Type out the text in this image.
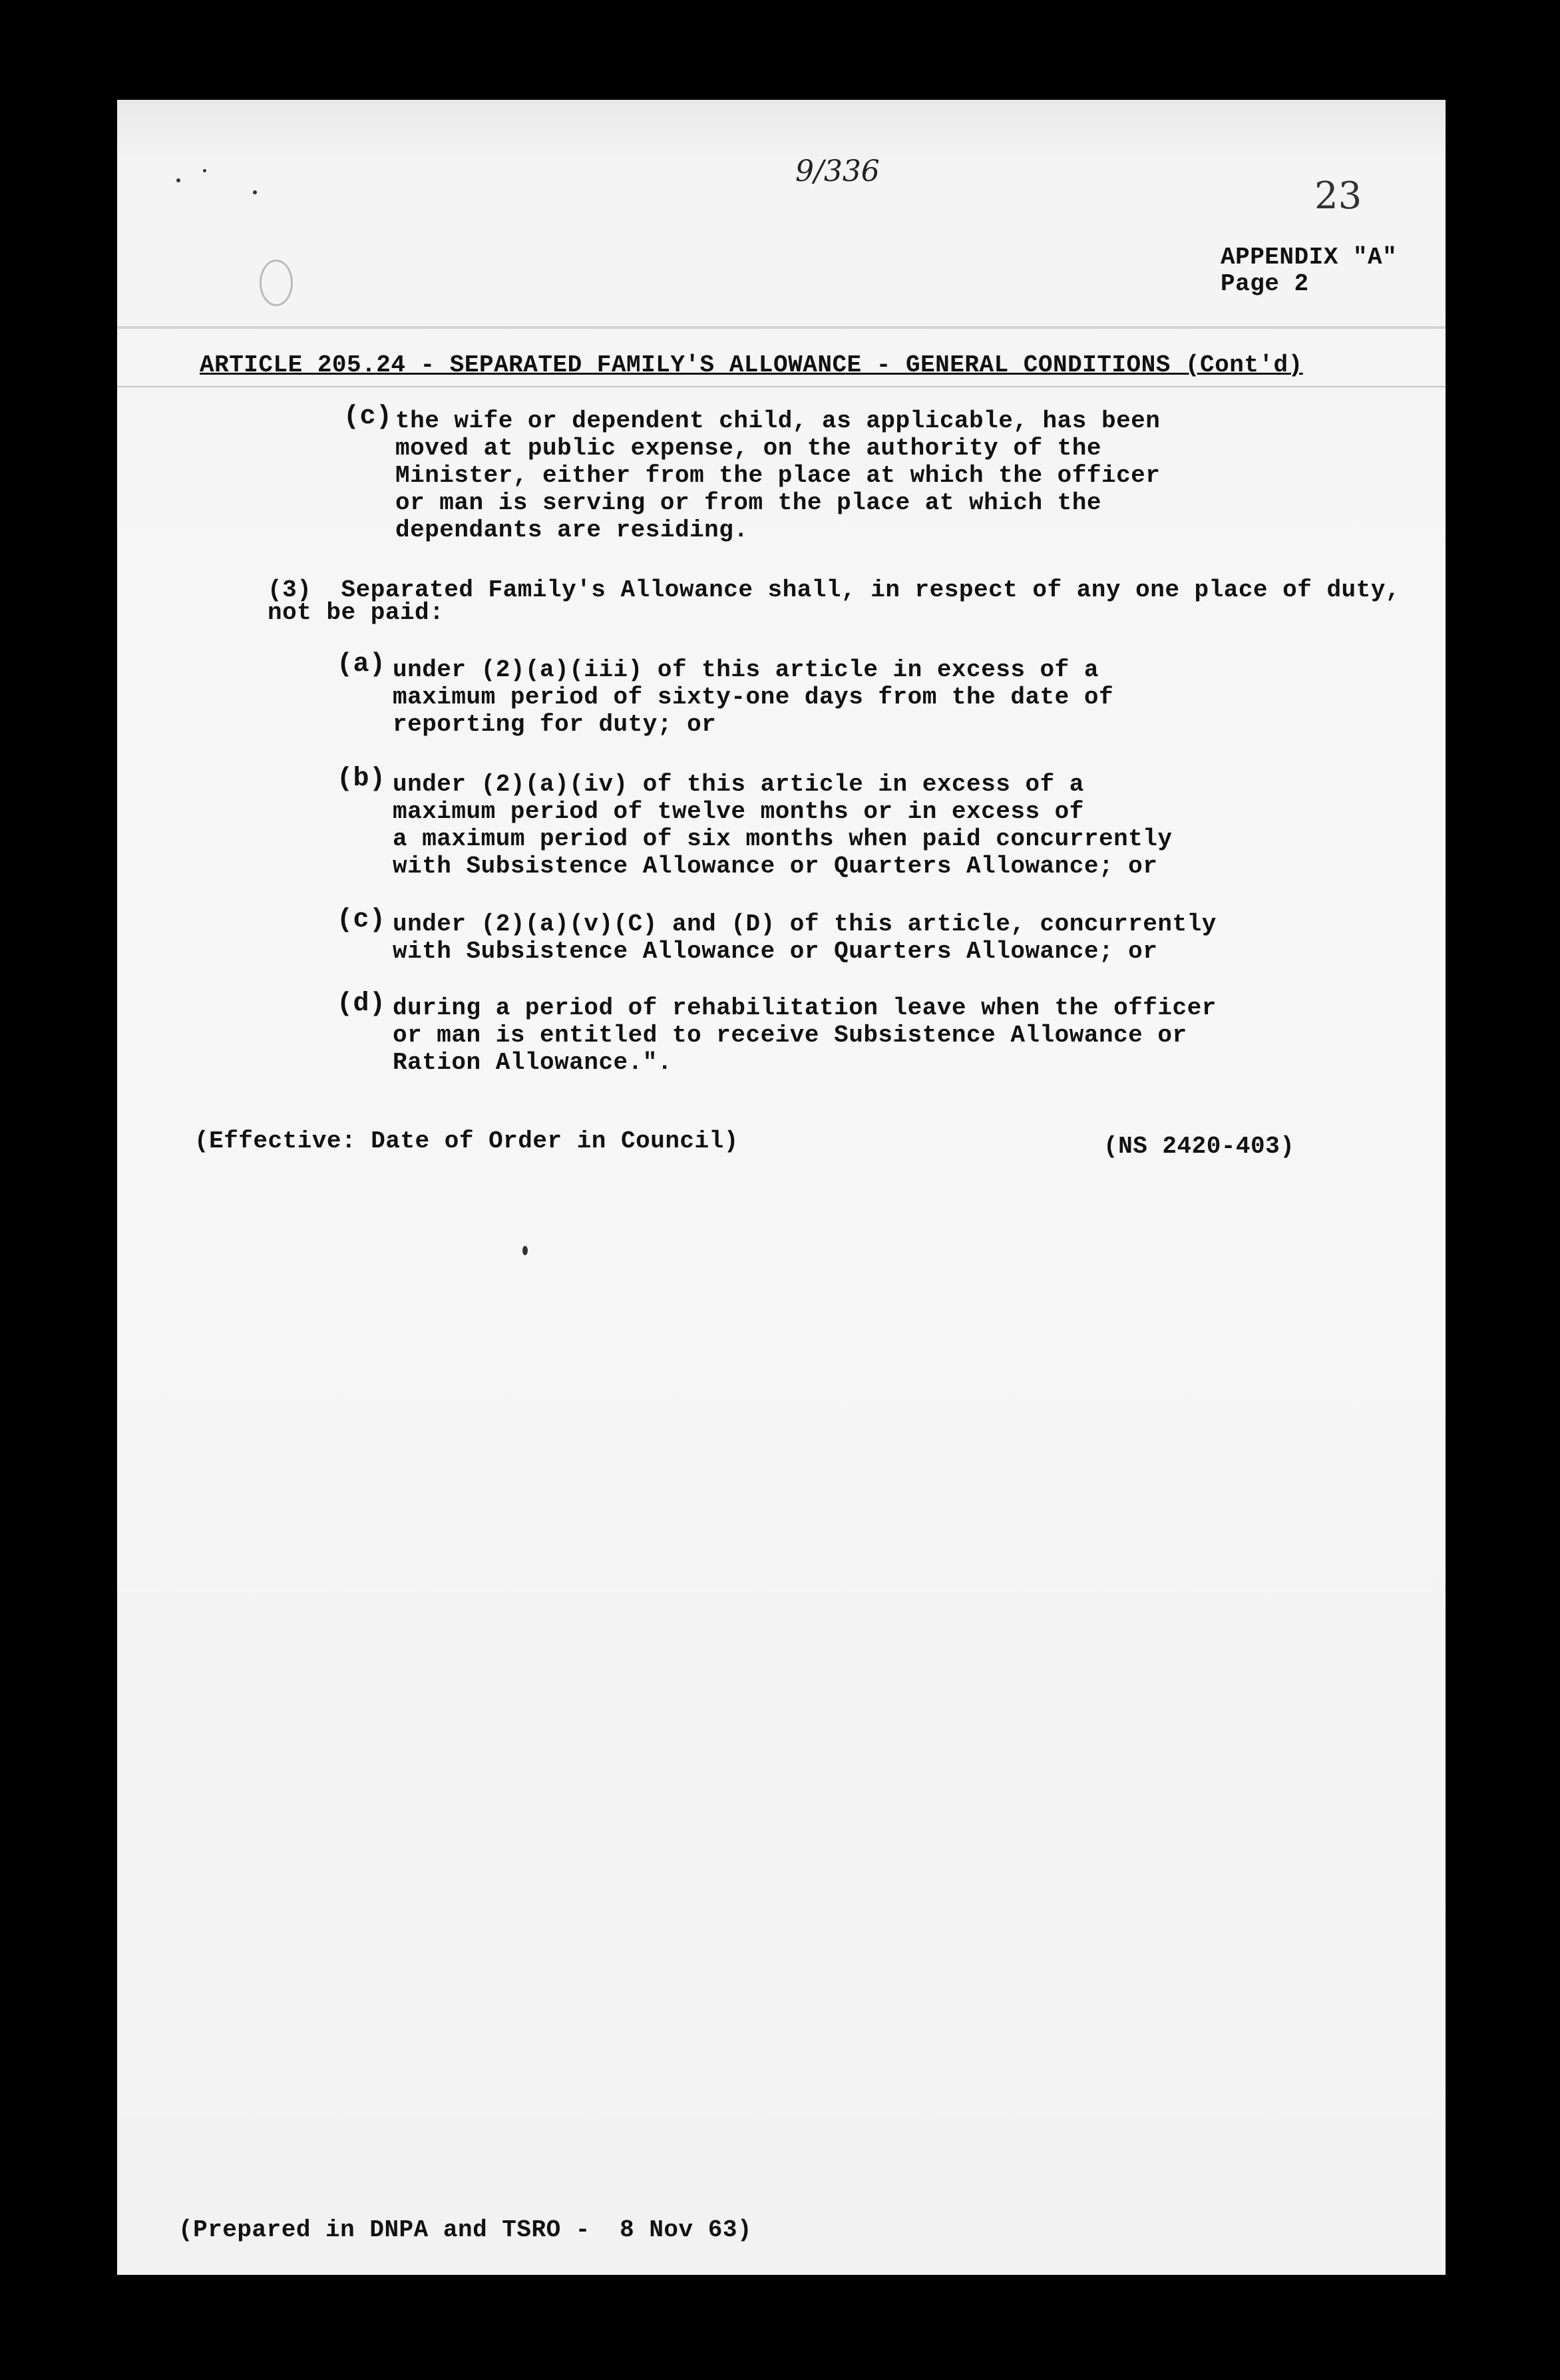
9/336
23
APPENDIX "A"
Page 2
ARTICLE 205.24 - SEPARATED FAMILY'S ALLOWANCE - GENERAL CONDITIONS (Cont'd)
(c) the wife or dependent child, as applicable, has been
moved at public expense, on the authority of the
Minister, either from the place at which the officer
or man is serving or from the place at which the
dependants are residing.
(3)  Separated Family's Allowance shall, in respect of any one place of duty,
not be paid:
(a) under (2)(a)(iii) of this article in excess of a
maximum period of sixty-one days from the date of
reporting for duty; or
(b) under (2)(a)(iv) of this article in excess of a
maximum period of twelve months or in excess of
a maximum period of six months when paid concurrently
with Subsistence Allowance or Quarters Allowance; or
(c) under (2)(a)(v)(C) and (D) of this article, concurrently
with Subsistence Allowance or Quarters Allowance; or
(d) during a period of rehabilitation leave when the officer
or man is entitled to receive Subsistence Allowance or
Ration Allowance.".
(Effective: Date of Order in Council)	(NS 2420-403)
(Prepared in DNPA and TSRO -  8 Nov 63)
